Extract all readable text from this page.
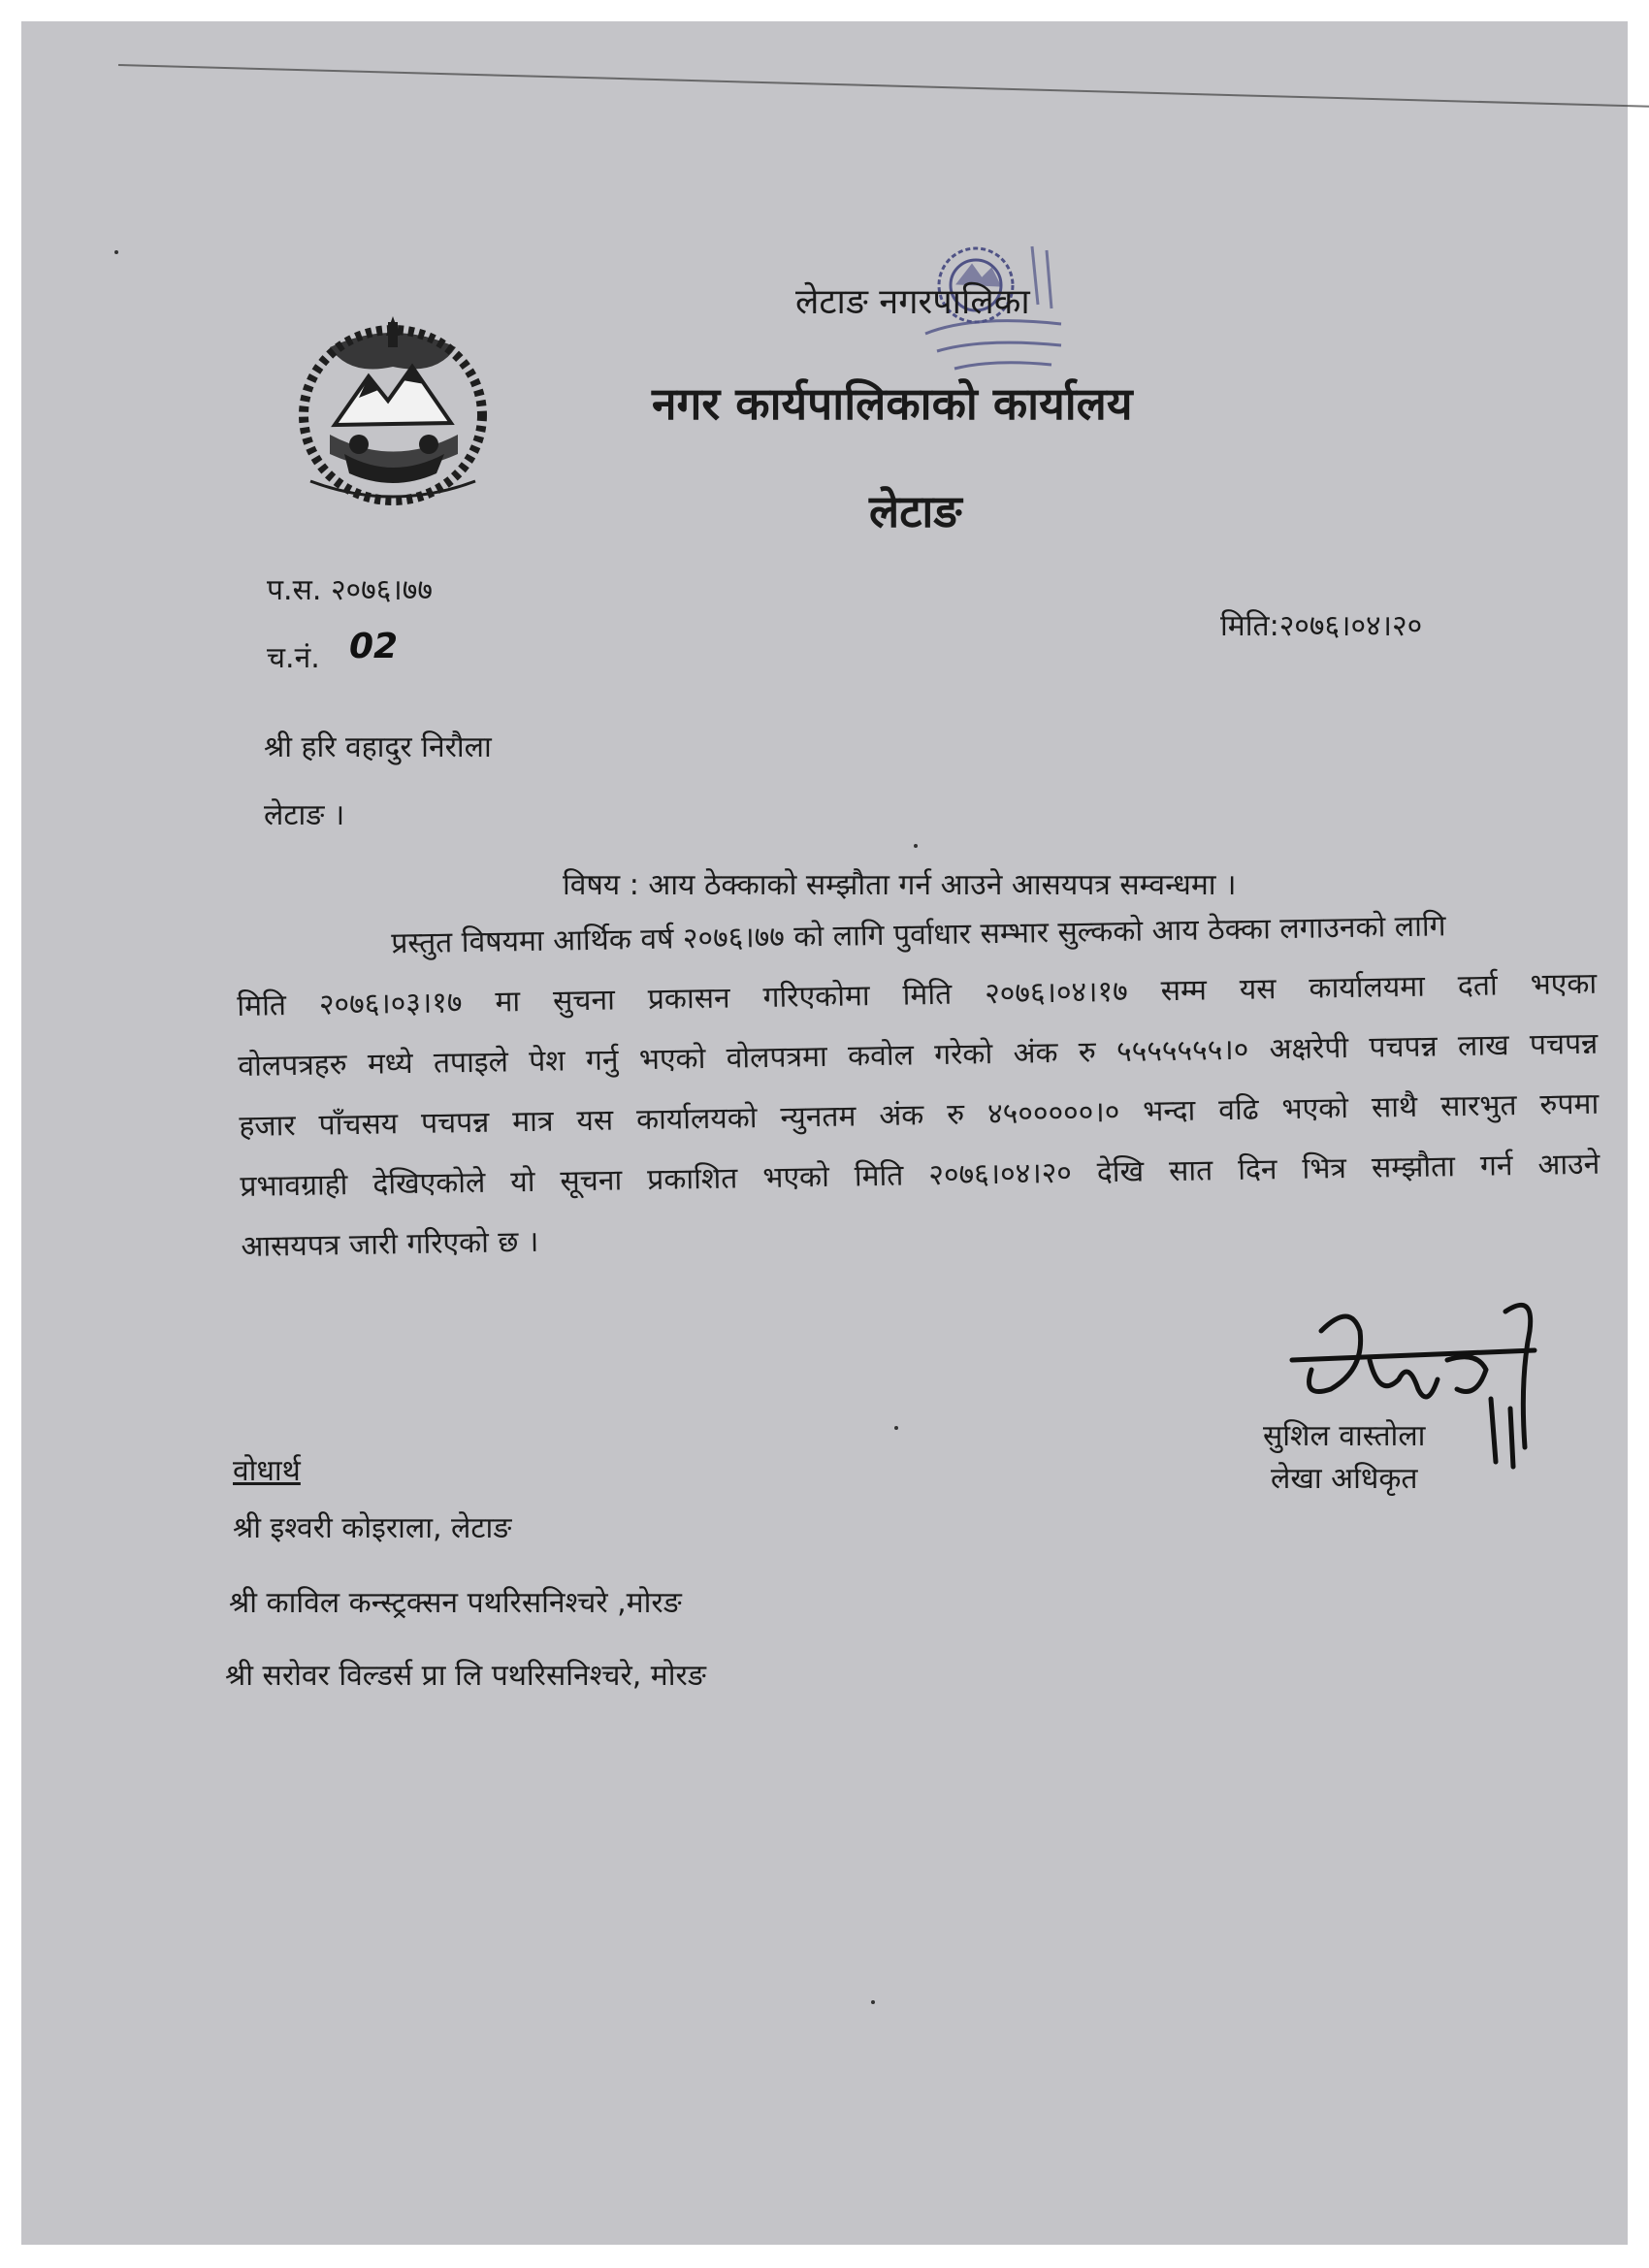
लेटाङ नगरपालिका
नगर कार्यपालिकाको कार्यालय
लेटाङ
प.स. २०७६।७७
च.नं. 02
मिति:२०७६।०४।२०
श्री हरि वहादुर निरौला
लेटाङ ।
विषय : आय ठेक्काको सम्झौता गर्न आउने आसयपत्र सम्वन्धमा ।
प्रस्तुत विषयमा आर्थिक वर्ष २०७६।७७ को लागि पुर्वाधार सम्भार सुल्कको आय ठेक्का लगाउनको लागि
मिति २०७६।०३।१७ मा सुचना प्रकासन गरिएकोमा मिति २०७६।०४।१७ सम्म यस कार्यालयमा दर्ता भएका
वोलपत्रहरु मध्ये तपाइले पेश गर्नु भएको वोलपत्रमा कवोल गरेको अंक रु ५५५५५५५।० अक्षरेपी पचपन्न लाख पचपन्न
हजार पाँचसय पचपन्न मात्र यस कार्यालयको न्युनतम अंक रु ४५०००००।० भन्दा वढि भएको साथै सारभुत रुपमा
प्रभावग्राही देखिएकोले यो सूचना प्रकाशित भएको मिति २०७६।०४।२० देखि सात दिन भित्र सम्झौता गर्न आउने
आसयपत्र जारी गरिएको छ ।
सुशिल वास्तोला
लेखा अधिकृत
वोधार्थ
श्री इश्वरी कोइराला, लेटाङ
श्री काविल कन्स्ट्रक्सन पथरिसनिश्चरे ,मोरङ
श्री सरोवर विल्डर्स प्रा लि पथरिसनिश्चरे, मोरङ
